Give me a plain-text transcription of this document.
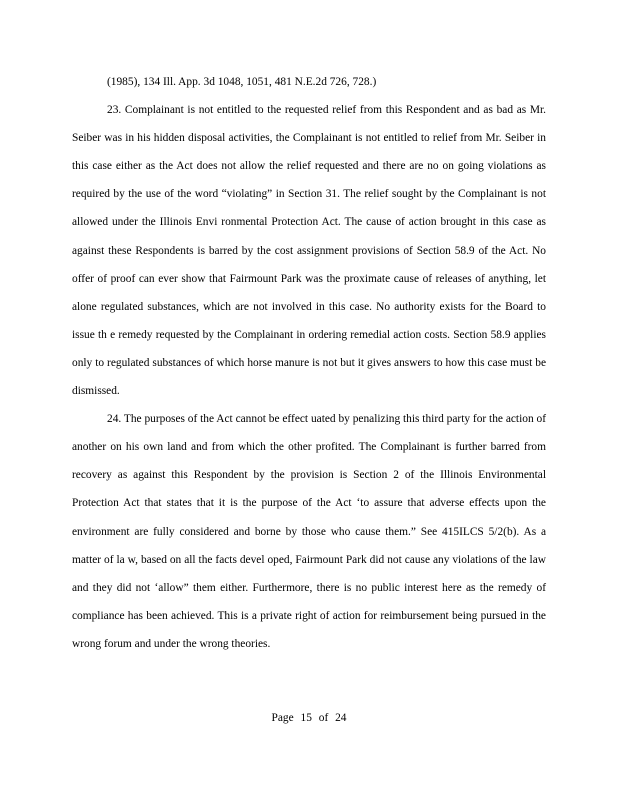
(1985), 134 Ill. App. 3d 1048, 1051, 481 N.E.2d 726, 728.)

23. Complainant is not entitled to the requested relief from this Respondent and as bad as Mr. Seiber was in his hidden disposal activities, the Complainant is not entitled to relief from Mr. Seiber in this case either as the Act does not allow the relief requested and there are no on going violations as required by the use of the word “violating” in Section 31. The relief sought by the Complainant is not allowed under the Illinois Envi ronmental Protection Act. The cause of action brought in this case as against these Respondents is barred by the cost assignment provisions of Section 58.9 of the Act. No offer of proof can ever show that Fairmount Park was the proximate cause of releases of anything, let alone regulated substances, which are not involved in this case. No authority exists for the Board to issue th e remedy requested by the Complainant in ordering remedial action costs. Section 58.9 applies only to regulated substances of which horse manure is not but it gives answers to how this case must be dismissed.

24. The purposes of the Act cannot be effect uated by penalizing this third party for the action of another on his own land and from which the other profited. The Complainant is further barred from recovery as against this Respondent by the provision is Section 2 of the Illinois Environmental Protection Act that states that it is the purpose of the Act ‘to assure that adverse effects upon the environment are fully considered and borne by those who cause them.” See 415ILCS 5/2(b). As a matter of la w, based on all the facts devel oped, Fairmount Park did not cause any violations of the law and they did not ‘allow” them either. Furthermore, there is no public interest here as the remedy of compliance has been achieved. This is a private right of action for reimbursement being pursued in the wrong forum and under the wrong theories.

Page 15 of 24
